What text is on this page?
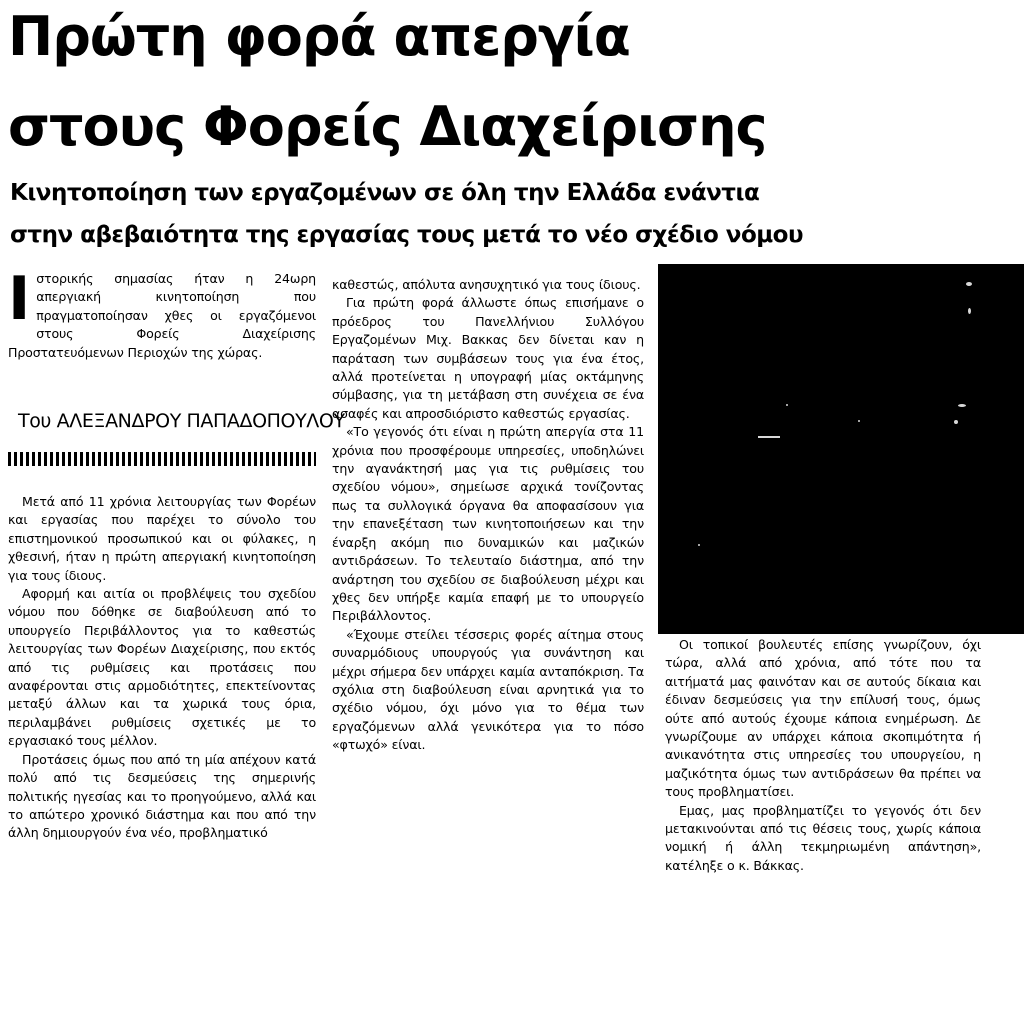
Πρώτη φορά απεργία
στους Φορείς Διαχείρισης
Κινητοποίηση των εργαζομένων σε όλη την Ελλάδα ενάντια
στην αβεβαιότητα της εργασίας τους μετά το νέο σχέδιο νόμου

Ιστορικής σημασίας ήταν η 24ωρη απεργιακή κινητοποίηση που πραγματοποίησαν χθες οι εργαζόμενοι στους Φορείς Διαχείρισης Προστατευόμενων Περιοχών της χώρας.

Του ΑΛΕΞΑΝΔΡΟΥ ΠΑΠΑΔΟΠΟΥΛΟΥ

Μετά από 11 χρόνια λειτουργίας των Φορέων και εργασίας που παρέχει το σύνολο του επιστημονικού προσωπικού και οι φύλακες, η χθεσινή, ήταν η πρώτη απεργιακή κινητοποίηση για τους ίδιους.

Αφορμή και αιτία οι προβλέψεις του σχεδίου νόμου που δόθηκε σε διαβούλευση από το υπουργείο Περιβάλλοντος για το καθεστώς λειτουργίας των Φορέων Διαχείρισης, που εκτός από τις ρυθμίσεις και προτάσεις που αναφέρονται στις αρμοδιότητες, επεκτείνοντας μεταξύ άλλων και τα χωρικά τους όρια, περιλαμβάνει ρυθμίσεις σχετικές με το εργασιακό τους μέλλον.

Προτάσεις όμως που από τη μία απέχουν κατά πολύ από τις δεσμεύσεις της σημερινής πολιτικής ηγεσίας και το προηγούμενο, αλλά και το απώτερο χρονικό διάστημα και που από την άλλη δημιουργούν ένα νέο, προβληματικό

καθεστώς, απόλυτα ανησυχητικό για τους ίδιους.

Για πρώτη φορά άλλωστε όπως επισήμανε ο πρόεδρος του Πανελλήνιου Συλλόγου Εργαζομένων Μιχ. Βακκας δεν δίνεται καν η παράταση των συμβάσεων τους για ένα έτος, αλλά προτείνεται η υπογραφή μίας οκτάμηνης σύμβασης, για τη μετάβαση στη συνέχεια σε ένα ασαφές και απροσδιόριστο καθεστώς εργασίας.

«Το γεγονός ότι είναι η πρώτη απεργία στα 11 χρόνια που προσφέρουμε υπηρεσίες, υποδηλώνει την αγανάκτησή μας για τις ρυθμίσεις του σχεδίου νόμου», σημείωσε αρχικά τονίζοντας πως τα συλλογικά όργανα θα αποφασίσουν για την επανεξέταση των κινητοποιήσεων και την έναρξη ακόμη πιο δυναμικών και μαζικών αντιδράσεων. Το τελευταίο διάστημα, από την ανάρτηση του σχεδίου σε διαβούλευση μέχρι και χθες δεν υπήρξε καμία επαφή με το υπουργείο Περιβάλλοντος.

«Έχουμε στείλει τέσσερις φορές αίτημα στους συναρμόδιους υπουργούς για συνάντηση και μέχρι σήμερα δεν υπάρχει καμία ανταπόκριση. Τα σχόλια στη διαβούλευση είναι αρνητικά για το σχέδιο νόμου, όχι μόνο για το θέμα των εργαζόμενων αλλά γενικότερα για το πόσο «φτωχό» είναι.

Οι τοπικοί βουλευτές επίσης γνωρίζουν, όχι τώρα, αλλά από χρόνια, από τότε που τα αιτήματά μας φαινόταν και σε αυτούς δίκαια και έδιναν δεσμεύσεις για την επίλυσή τους, όμως ούτε από αυτούς έχουμε κάποια ενημέρωση. Δε γνωρίζουμε αν υπάρχει κάποια σκοπιμότητα ή ανικανότητα στις υπηρεσίες του υπουργείου, η μαζικότητα όμως των αντιδράσεων θα πρέπει να τους προβληματίσει.

Εμας, μας προβληματίζει το γεγονός ότι δεν μετακινούνται από τις θέσεις τους, χωρίς κάποια νομική ή άλλη τεκμηριωμένη απάντηση», κατέληξε ο κ. Βάκκας.
